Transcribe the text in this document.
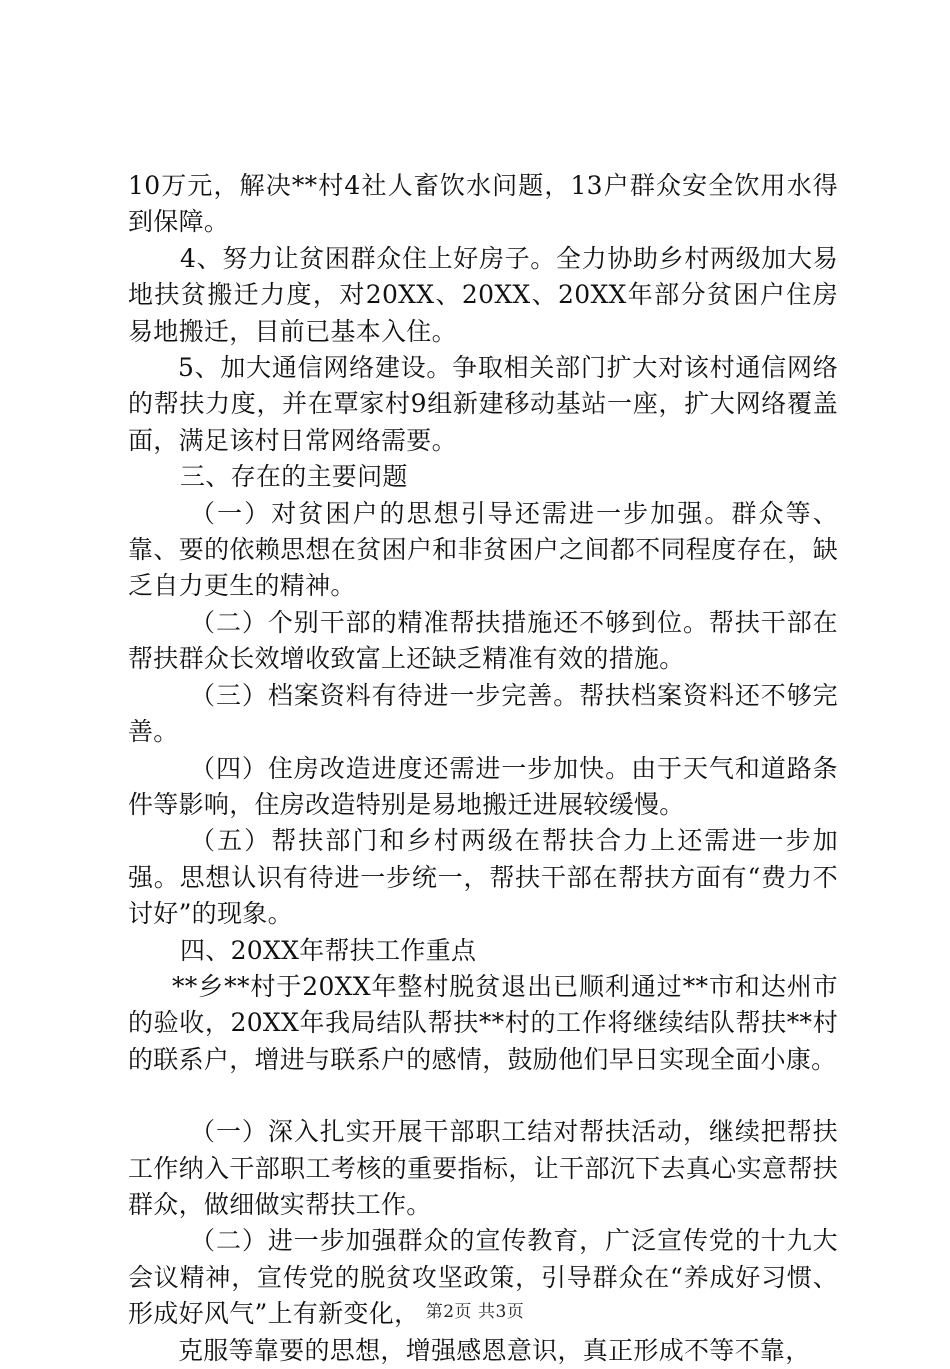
10万元，解决**村4社人畜饮水问题，13户群众安全饮用水得到保障。

4、努力让贫困群众住上好房子。全力协助乡村两级加大易地扶贫搬迁力度，对20XX、20XX、20XX年部分贫困户住房易地搬迁，目前已基本入住。

5、加大通信网络建设。争取相关部门扩大对该村通信网络的帮扶力度，并在覃家村9组新建移动基站一座，扩大网络覆盖面，满足该村日常网络需要。

三、存在的主要问题

（一）对贫困户的思想引导还需进一步加强。群众等、靠、要的依赖思想在贫困户和非贫困户之间都不同程度存在，缺乏自力更生的精神。

（二）个别干部的精准帮扶措施还不够到位。帮扶干部在帮扶群众长效增收致富上还缺乏精准有效的措施。

（三）档案资料有待进一步完善。帮扶档案资料还不够完善。

（四）住房改造进度还需进一步加快。由于天气和道路条件等影响，住房改造特别是易地搬迁进展较缓慢。

（五）帮扶部门和乡村两级在帮扶合力上还需进一步加强。思想认识有待进一步统一，帮扶干部在帮扶方面有“费力不讨好”的现象。

四、20XX年帮扶工作重点

**乡**村于20XX年整村脱贫退出已顺利通过**市和达州市的验收，20XX年我局结队帮扶**村的工作将继续结队帮扶**村的联系户，增进与联系户的感情，鼓励他们早日实现全面小康。

（一）深入扎实开展干部职工结对帮扶活动，继续把帮扶工作纳入干部职工考核的重要指标，让干部沉下去真心实意帮扶群众，做细做实帮扶工作。

（二）进一步加强群众的宣传教育，广泛宣传党的十九大会议精神，宣传党的脱贫攻坚政策，引导群众在“养成好习惯、形成好风气”上有新变化，

克服等靠要的思想，增强感恩意识，真正形成不等不靠，

第2页 共3页
